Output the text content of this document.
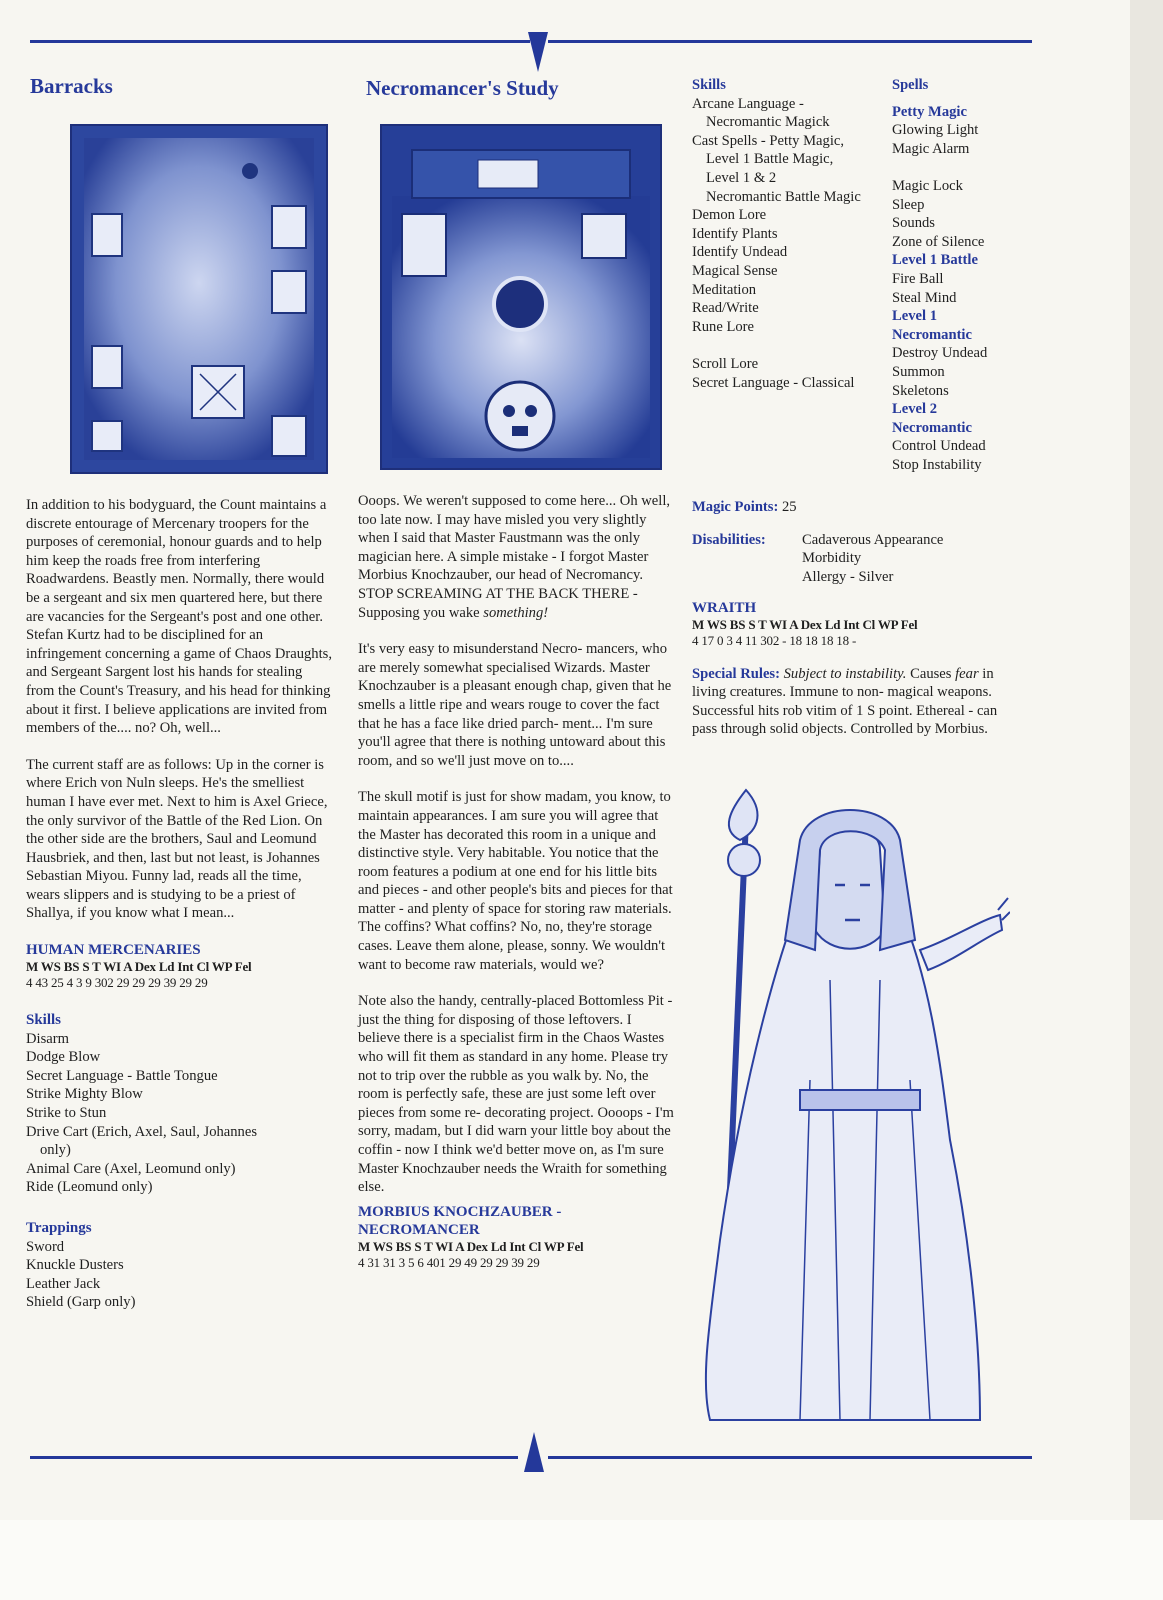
Barracks

In addition to his bodyguard, the Count maintains a discrete entourage of Mercenary troopers for the purposes of ceremonial, honour guards and to help him keep the roads free from interfering Roadwardens. Beastly men. Normally, there would be a sergeant and six men quartered here, but there are vacancies for the Sergeant's post and one other. Stefan Kurtz had to be disciplined for an infringement concerning a game of Chaos Draughts, and Sergeant Sargent lost his hands for stealing from the Count's Treasury, and his head for thinking about it first. I believe applications are invited from members of the.... no? Oh, well...

The current staff are as follows: Up in the corner is where Erich von Nuln sleeps. He's the smelliest human I have ever met. Next to him is Axel Griece, the only survivor of the Battle of the Red Lion. On the other side are the brothers, Saul and Leomund Hausbriek, and then, last but not least, is Johannes Sebastian Miyou. Funny lad, reads all the time, wears slippers and is studying to be a priest of Shallya, if you know what I mean...

HUMAN MERCENARIES
M WS BS S T WI A Dex Ld Int Cl WP Fel
4 43 25 4 3 9 302 29 29 29 39 29 29
Skills
Disarm
Dodge Blow
Secret Language - Battle Tongue
Strike Mighty Blow
Strike to Stun
Drive Cart (Erich, Axel, Saul, Johannes
only)
Animal Care (Axel, Leomund only)
Ride (Leomund only)
Trappings
Sword
Knuckle Dusters
Leather Jack
Shield (Garp only)
Necromancer's Study

Ooops. We weren't supposed to come here... Oh well, too late now. I may have misled you very slightly when I said that Master Faustmann was the only magician here. A simple mistake - I forgot Master Morbius Knochzauber, our head of Necromancy. STOP SCREAMING AT THE BACK THERE - Supposing you wake something!

It's very easy to misunderstand Necro- mancers, who are merely somewhat specialised Wizards. Master Knochzauber is a pleasant enough chap, given that he smells a little ripe and wears rouge to cover the fact that he has a face like dried parch- ment... I'm sure you'll agree that there is nothing untoward about this room, and so we'll just move on to....

The skull motif is just for show madam, you know, to maintain appearances. I am sure you will agree that the Master has decorated this room in a unique and distinctive style. Very habitable. You notice that the room features a podium at one end for his little bits and pieces - and other people's bits and pieces for that matter - and plenty of space for storing raw materials. The coffins? What coffins? No, no, they're storage cases. Leave them alone, please, sonny. We wouldn't want to become raw materials, would we?

Note also the handy, centrally-placed Bottomless Pit - just the thing for disposing of those leftovers. I believe there is a specialist firm in the Chaos Wastes who will fit them as standard in any home. Please try not to trip over the rubble as you walk by. No, the room is perfectly safe, these are just some left over pieces from some re- decorating project. Oooops - I'm sorry, madam, but I did warn your little boy about the coffin - now I think we'd better move on, as I'm sure Master Knochzauber needs the Wraith for something else.

MORBIUS KNOCHZAUBER -
NECROMANCER
M WS BS S T WI A Dex Ld Int Cl WP Fel
4 31 31 3 5 6 401 29 49 29 29 39 29
Skills
Arcane Language -
Necromantic Magick
Cast Spells - Petty Magic,
Level 1 Battle Magic,
Level 1 & 2
Necromantic Battle Magic
Demon Lore
Identify Plants
Identify Undead
Magical Sense
Meditation
Read/Write
Rune Lore
Scroll Lore
Secret Language - Classical
Spells
Petty Magic
Glowing Light
Magic Alarm
Magic Lock
Sleep
Sounds
Zone of Silence
Level 1 Battle
Fire Ball
Steal Mind
Level 1
Necromantic
Destroy Undead
Summon
Skeletons
Level 2
Necromantic
Control Undead
Stop Instability
Magic Points: 25
Disabilities: Cadaverous Appearance
Morbidity
Allergy - Silver
WRAITH
M WS BS S T WI A Dex Ld Int Cl WP Fel
4 17 0 3 4 11 302 - 18 18 18 18 -

Special Rules: Subject to instability. Causes fear in living creatures. Immune to non- magical weapons. Successful hits rob vitim of 1 S point. Ethereal - can pass through solid objects. Controlled by Morbius.
